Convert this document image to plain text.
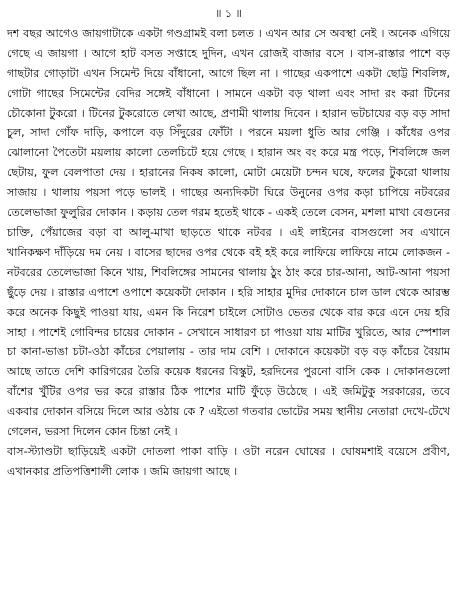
॥ ১ ॥

দশ বছর আগেও জায়গাটাকে একটা গণ্ডগ্রামই বলা চলত । এখন আর সে অবস্থা নেই । অনেক এগিয়ে গেছে এ জায়গা । আগে হাট বসত সপ্তাহে দুদিন, এখন রোজই বাজার বসে । বাস-রাস্তার পাশে বড় গাছটার গোড়াটা এখন সিমেন্ট দিয়ে বাঁধানো, আগে ছিল না । গাছের একপাশে একটা ছোট্ট শিবলিঙ্গ, গোটা গাছের সিমেন্টের বেদির সঙ্গেই বাঁধানো । সামনে একটা বড় থালা এবং সাদা রং করা টিনের চৌকোনা টুকরো । টিনের টুকরোতে লেখা আছে, প্রণামী থালায় দিবেন । হারান ভটচাযের বড় বড় সাদা চুল, সাদা গোঁফ দাড়ি, কপালে বড় সিঁদুরের ফোঁটা । পরনে ময়লা ধুতি আর গেঞ্জি । কাঁধের ওপর ঝোলানো পৈতেটা ময়লায় কালো তেলচিটে হয়ে গেছে । হারান অং বং করে মন্ত্র পড়ে, শিবলিঙ্গে জল ছেটায়, ফুল বেলপাতা দেয় । হারানের নিকষ কালো, মোটা মেয়েটা চন্দন ঘষে, ফলের টুকরো থালায় সাজায় । থালায় পয়সা পড়ে ভালই । গাছের অন্যদিকটা ঘিরে উনুনের ওপর কড়া চাপিয়ে নটবরের তেলেভাজা ফুলুরির দোকান । কড়ায় তেল গরম হতেই থাকে - একই তেলে বেসন, মশলা মাখা বেগুনের চাক্তি, পেঁয়াজের বড়া বা আলু-মাখা ছাড়তে থাকে নটবর । এই লাইনের বাসগুলো সব এখানে খানিকক্ষণ দাঁড়িয়ে দম নেয় । বাসের ছাদের ওপর থেকে বই হই করে লাফিয়ে লাফিয়ে নামে লোকজন - নটবরের তেলেভাজা কিনে খায়, শিবলিঙ্গের সামনের থালায় ঠুং ঠাং করে চার-আনা, আট-আনা পয়সা ছুঁড়ে দেয় । রাস্তার এপাশে ওপাশে কয়েকটা দোকান । হরি সাহার মুদির দোকানে চাল ডাল থেকে আরম্ভ করে অনেক কিছুই পাওয়া যায়, এমন কি নিরেশ চাইলে সোটাও ভেতর থেকে বার করে এনে দেয় হরি সাহা । পাশেই গোবিন্দর চায়ের দোকান - সেখানে সাধারণ চা পাওয়া যায় মাটির খুরিতে, আর স্পেশাল চা কানা-ভাঙা চটা-ওঠা কাঁচের পেয়ালায় - তার দাম বেশি । দোকানে কয়েকটা বড় বড় কাঁচের বৈয়াম আছে তাতে দেশি কারিগরের তৈরি কয়েক ধরনের বিস্কুট, হরদিনের পুরনো বাসি কেক । দোকানগুলো বাঁশের খুঁটির ওপর ভর করে রাস্তার ঠিক পাশের মাটি ফুঁড়ে উঠেছে । এই জমিটুকু সরকারের, তবে একবার দোকান বসিয়ে দিলে আর ওঠায় কে ? এইতো গতবার ভোটের সময় স্থানীয় নেতারা দেখে-টেখে গেলেন, ভরসা দিলেন কোন চিন্তা নেই ।

বাস-স্ট্যাণ্ডটা ছাড়িয়েই একটা দোতলা পাকা বাড়ি । ওটা নরেন ঘোষের । ঘোষমশাই বয়েসে প্রবীণ, এখানকার প্রতিপত্তিশালী লোক । জমি জায়গা আছে ।
